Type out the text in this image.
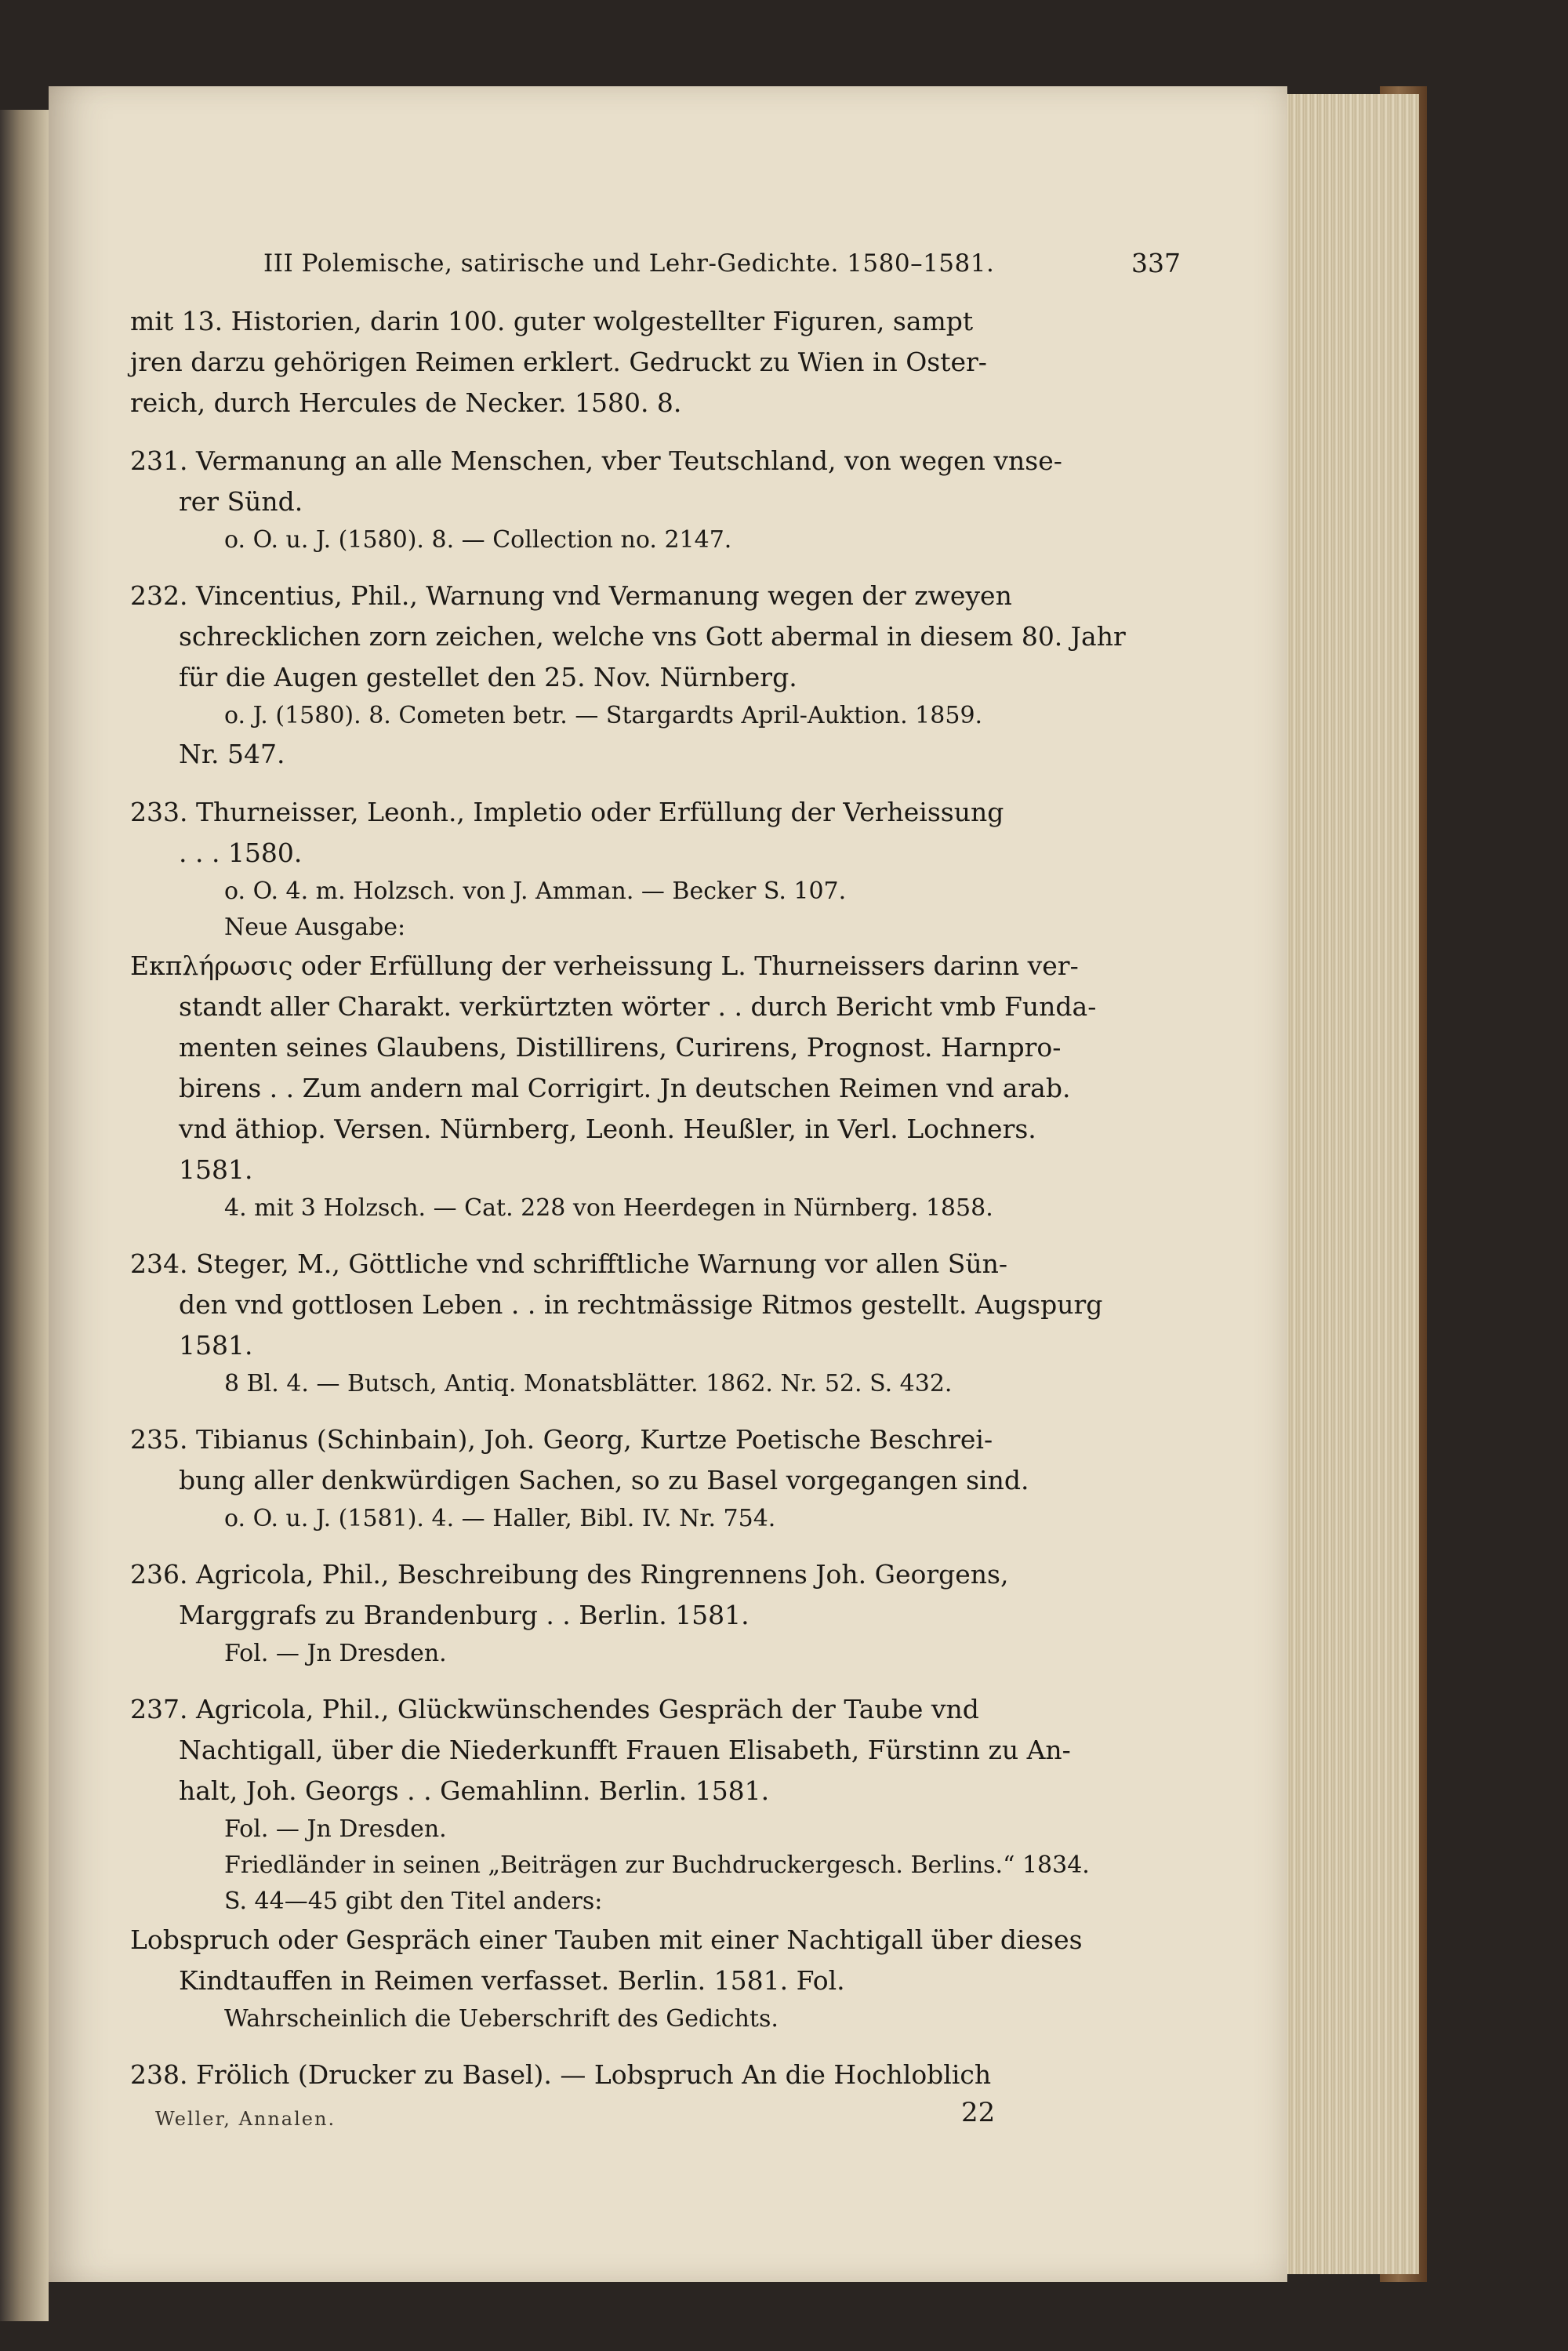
III Polemische, satirische und Lehr-Gedichte. 1580–1581.	337
mit 13. Historien, darin 100. guter wolgestellter Figuren, sampt
jren darzu gehörigen Reimen erklert. Gedruckt zu Wien in Oster-
reich, durch Hercules de Necker. 1580. 8.
231. Vermanung an alle Menschen, vber Teutschland, von wegen vnse-
rer Sünd.
o. O. u. J. (1580). 8. — Collection no. 2147.
232. Vincentius, Phil., Warnung vnd Vermanung wegen der zweyen
schrecklichen zorn zeichen, welche vns Gott abermal in diesem 80. Jahr
für die Augen gestellet den 25. Nov. Nürnberg.
o. J. (1580). 8. Cometen betr. — Stargardts April-Auktion. 1859.
Nr. 547.
233. Thurneisser, Leonh., Impletio oder Erfüllung der Verheissung
. . . 1580.
o. O. 4. m. Holzsch. von J. Amman. — Becker S. 107.
Neue Ausgabe:
Εκπλήρωσις oder Erfüllung der verheissung L. Thurneissers darinn ver-
standt aller Charakt. verkürtzten wörter . . durch Bericht vmb Funda-
menten seines Glaubens, Distillirens, Curirens, Prognost. Harnpro-
birens . . Zum andern mal Corrigirt. Jn deutschen Reimen vnd arab.
vnd äthiop. Versen. Nürnberg, Leonh. Heußler, in Verl. Lochners.
1581.
4. mit 3 Holzsch. — Cat. 228 von Heerdegen in Nürnberg. 1858.
234. Steger, M., Göttliche vnd schrifftliche Warnung vor allen Sün-
den vnd gottlosen Leben . . in rechtmässige Ritmos gestellt. Augspurg
1581.
8 Bl. 4. — Butsch, Antiq. Monatsblätter. 1862. Nr. 52. S. 432.
235. Tibianus (Schinbain), Joh. Georg, Kurtze Poetische Beschrei-
bung aller denkwürdigen Sachen, so zu Basel vorgegangen sind.
o. O. u. J. (1581). 4. — Haller, Bibl. IV. Nr. 754.
236. Agricola, Phil., Beschreibung des Ringrennens Joh. Georgens,
Marggrafs zu Brandenburg . . Berlin. 1581.
Fol. — Jn Dresden.
237. Agricola, Phil., Glückwünschendes Gespräch der Taube vnd
Nachtigall, über die Niederkunfft Frauen Elisabeth, Fürstinn zu An-
halt, Joh. Georgs . . Gemahlinn. Berlin. 1581.
Fol. — Jn Dresden.
Friedländer in seinen „Beiträgen zur Buchdruckergesch. Berlins.“ 1834.
S. 44—45 gibt den Titel anders:
Lobspruch oder Gespräch einer Tauben mit einer Nachtigall über dieses
Kindtauffen in Reimen verfasset. Berlin. 1581. Fol.
Wahrscheinlich die Ueberschrift des Gedichts.
238. Frölich (Drucker zu Basel). — Lobspruch An die Hochloblich
Weller, Annalen.	22
